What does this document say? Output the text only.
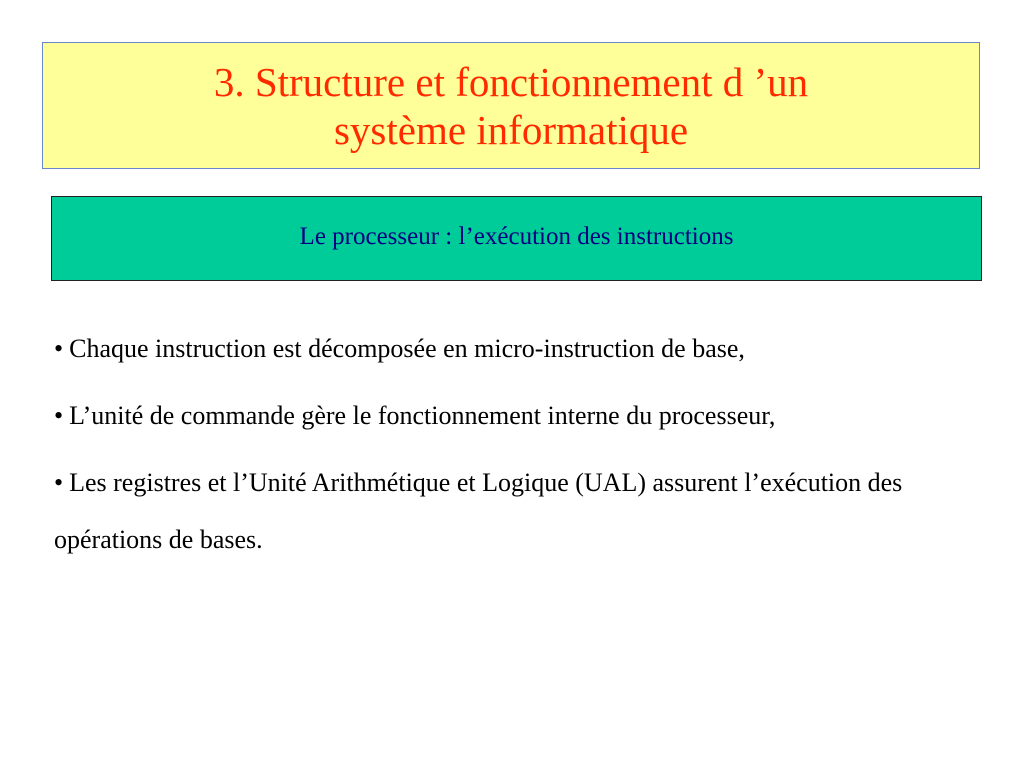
3. Structure et fonctionnement d ’un
système informatique
Le processeur : l’exécution des instructions
• Chaque instruction est décomposée en micro-instruction de base,
• L’unité de commande gère le fonctionnement interne du processeur,
• Les registres et l’Unité Arithmétique et Logique (UAL) assurent l’exécution des opérations de bases.
